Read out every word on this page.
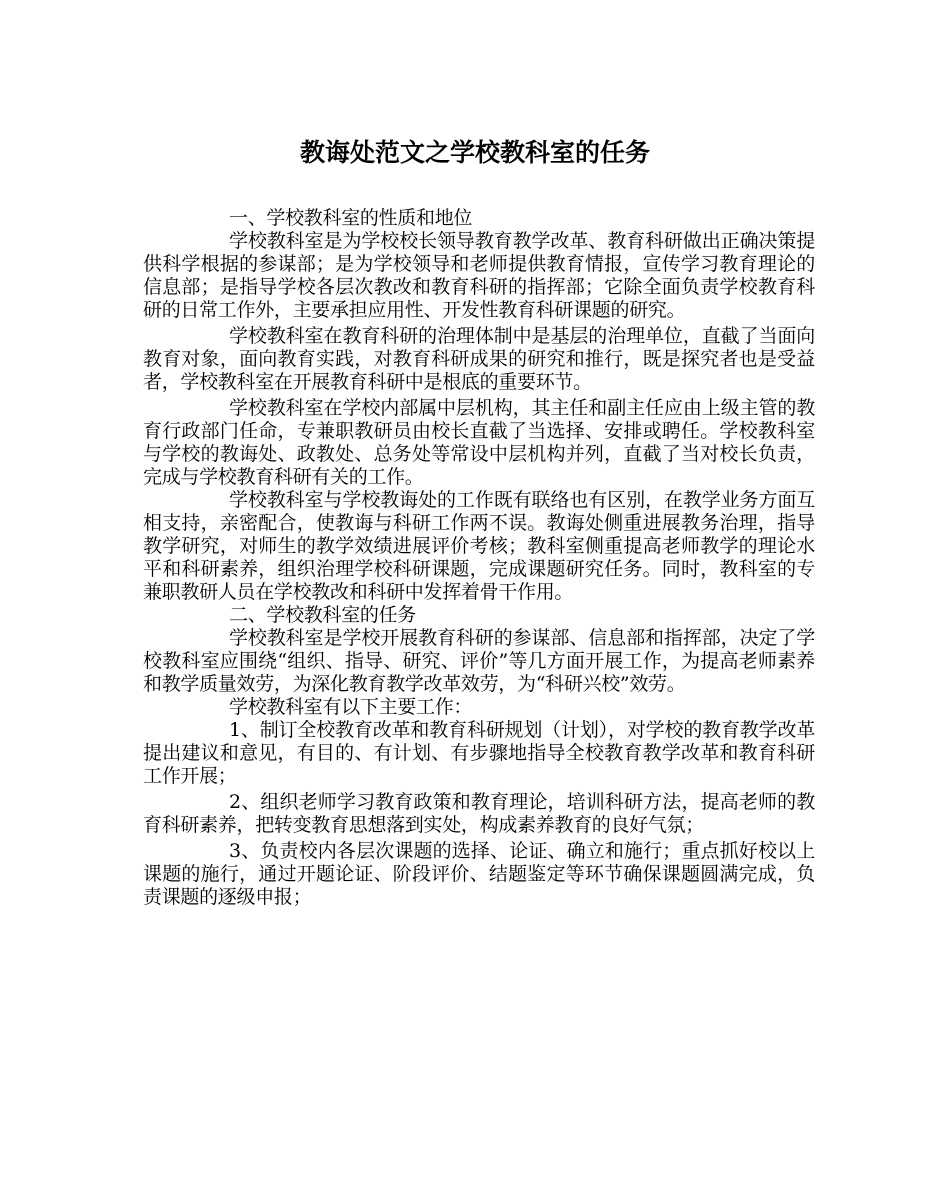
教诲处范文之学校教科室的任务

一、学校教科室的性质和地位

学校教科室是为学校校长领导教育教学改革、教育科研做出正确决策提供科学根据的参谋部；是为学校领导和老师提供教育情报，宣传学习教育理论的信息部；是指导学校各层次教改和教育科研的指挥部；它除全面负责学校教育科研的日常工作外，主要承担应用性、开发性教育科研课题的研究。

学校教科室在教育科研的治理体制中是基层的治理单位，直截了当面向教育对象，面向教育实践，对教育科研成果的研究和推行，既是探究者也是受益者，学校教科室在开展教育科研中是根底的重要环节。

学校教科室在学校内部属中层机构，其主任和副主任应由上级主管的教育行政部门任命，专兼职教研员由校长直截了当选择、安排或聘任。学校教科室与学校的教诲处、政教处、总务处等常设中层机构并列，直截了当对校长负责，完成与学校教育科研有关的工作。

学校教科室与学校教诲处的工作既有联络也有区别，在教学业务方面互相支持，亲密配合，使教诲与科研工作两不误。教诲处侧重进展教务治理，指导教学研究，对师生的教学效绩进展评价考核；教科室侧重提高老师教学的理论水平和科研素养，组织治理学校科研课题，完成课题研究任务。同时，教科室的专兼职教研人员在学校教改和科研中发挥着骨干作用。

二、学校教科室的任务

学校教科室是学校开展教育科研的参谋部、信息部和指挥部，决定了学校教科室应围绕“组织、指导、研究、评价”等几方面开展工作，为提高老师素养和教学质量效劳，为深化教育教学改革效劳，为“科研兴校”效劳。

学校教科室有以下主要工作：

1、制订全校教育改革和教育科研规划（计划），对学校的教育教学改革提出建议和意见，有目的、有计划、有步骤地指导全校教育教学改革和教育科研工作开展；

2、组织老师学习教育政策和教育理论，培训科研方法，提高老师的教育科研素养，把转变教育思想落到实处，构成素养教育的良好气氛；

3、负责校内各层次课题的选择、论证、确立和施行；重点抓好校以上课题的施行，通过开题论证、阶段评价、结题鉴定等环节确保课题圆满完成，负责课题的逐级申报；
